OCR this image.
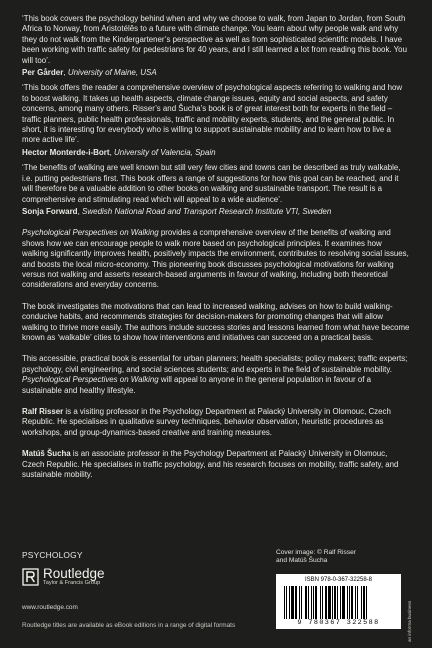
‘This book covers the psychology behind when and why we choose to walk, from Japan to Jordan, from South Africa to Norway, from Aristotélês to a future with climate change. You learn about why people walk and why they do not walk from the Kindergartener’s perspective as well as from sophisticated scientific models. I have been working with traffic safety for pedestrians for 40 years, and I still learned a lot from reading this book. You will too’.

Per Gårder, University of Maine, USA

‘This book offers the reader a comprehensive overview of psychological aspects referring to walking and how to boost walking. It takes up health aspects, climate change issues, equity and social aspects, and safety concerns, among many others. Risser’s and Šucha’s book is of great interest both for experts in the field – traffic planners, public health professionals, traffic and mobility experts, students, and the general public. In short, it is interesting for everybody who is willing to support sustainable mobility and to learn how to live a more active life’.

Hector Monterde-i-Bort, University of Valencia, Spain

‘The benefits of walking are well known but still very few cities and towns can be described as truly walkable, i.e. putting pedestrians first. This book offers a range of suggestions for how this goal can be reached, and it will therefore be a valuable addition to other books on walking and sustainable transport. The result is a comprehensive and stimulating read which will appeal to a wide audience’.

Sonja Forward, Swedish National Road and Transport Research Institute VTI, Sweden

Psychological Perspectives on Walking provides a comprehensive overview of the benefits of walking and shows how we can encourage people to walk more based on psychological principles. It examines how walking significantly improves health, positively impacts the environment, contributes to resolving social issues, and boosts the local micro-economy. This pioneering book discusses psychological motivations for walking versus not walking and asserts research-based arguments in favour of walking, including both theoretical considerations and everyday concerns.

The book investigates the motivations that can lead to increased walking, advises on how to build walking-conducive habits, and recommends strategies for decision-makers for promoting changes that will allow walking to thrive more easily. The authors include success stories and lessons learned from what have become known as ‘walkable’ cities to show how interventions and initiatives can succeed on a practical basis.

This accessible, practical book is essential for urban planners; health specialists; policy makers; traffic experts; psychology, civil engineering, and social sciences students; and experts in the field of sustainable mobility. Psychological Perspectives on Walking will appeal to anyone in the general population in favour of a sustainable and healthy lifestyle.

Ralf Risser is a visiting professor in the Psychology Department at Palacký University in Olomouc, Czech Republic. He specialises in qualitative survey techniques, behavior observation, heuristic procedures as workshops, and group-dynamics-based creative and training measures.

Matúš Šucha is an associate professor in the Psychology Department at Palacký University in Olomouc, Czech Republic. He specialises in traffic psychology, and his research focuses on mobility, traffic safety, and sustainable mobility.

PSYCHOLOGY
Routledge
Taylor & Francis Group
www.routledge.com
Routledge titles are available as eBook editions in a range of digital formats
Cover image: © Ralf Risser
and Matúš Šucha
ISBN 978-0-367-32258-8
9 780367 322588	an informa business
